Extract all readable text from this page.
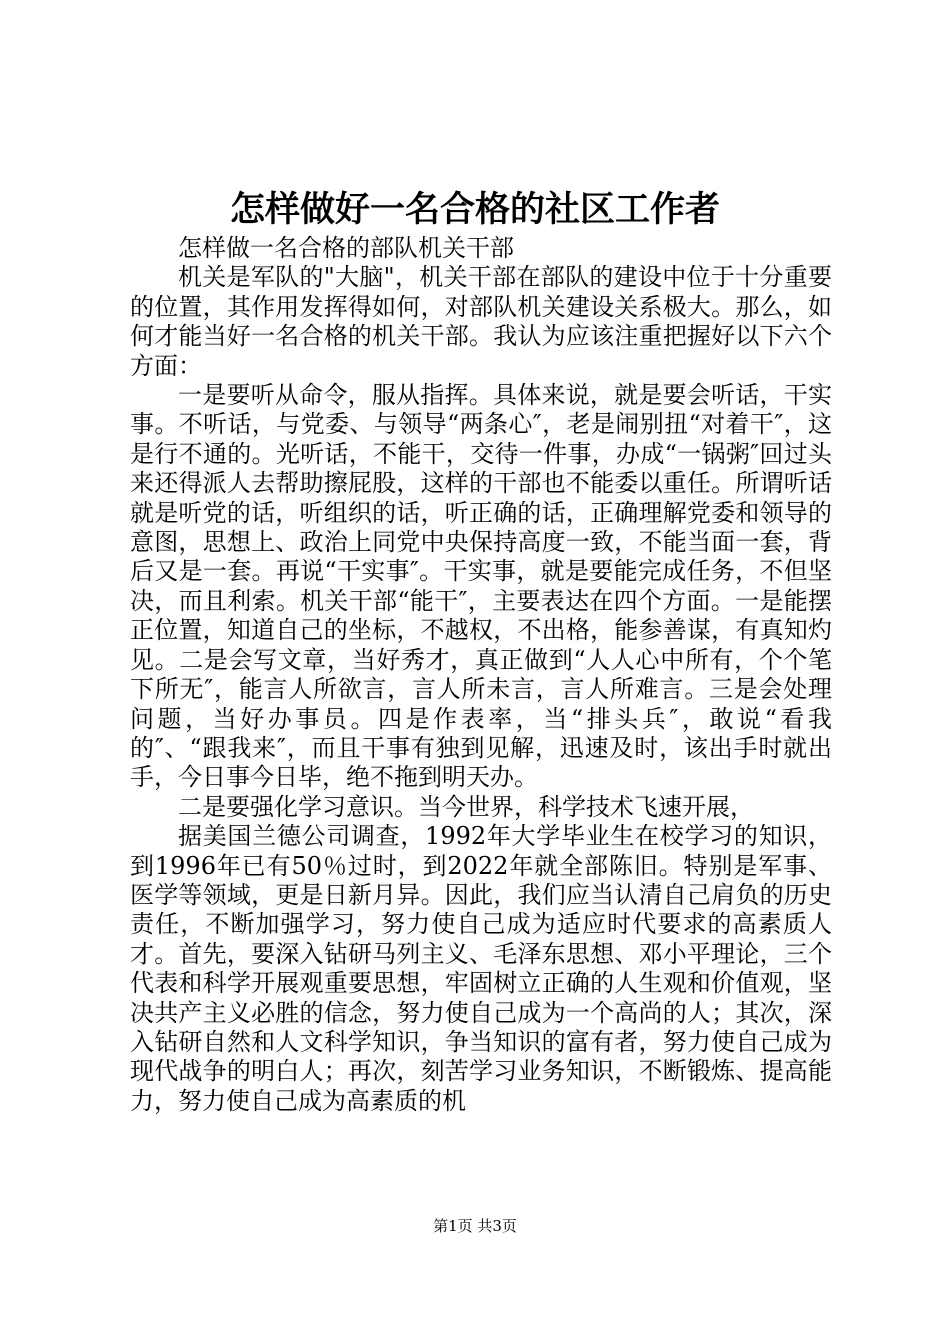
怎样做好一名合格的社区工作者

怎样做一名合格的部队机关干部

机关是军队的"大脑"，机关干部在部队的建设中位于十分重要的位置，其作用发挥得如何，对部队机关建设关系极大。那么，如何才能当好一名合格的机关干部。我认为应该注重把握好以下六个方面：

一是要听从命令，服从指挥。具体来说，就是要会听话，干实事。不听话，与党委、与领导“两条心″，老是闹别扭“对着干″，这是行不通的。光听话，不能干，交待一件事，办成“一锅粥″回过头来还得派人去帮助擦屁股，这样的干部也不能委以重任。所谓听话就是听党的话，听组织的话，听正确的话，正确理解党委和领导的意图，思想上、政治上同党中央保持高度一致，不能当面一套，背后又是一套。再说“干实事″。干实事，就是要能完成任务，不但坚决，而且利索。机关干部“能干″，主要表达在四个方面。一是能摆正位置，知道自己的坐标，不越权，不出格，能参善谋，有真知灼见。二是会写文章，当好秀才，真正做到“人人心中所有，个个笔下所无″，能言人所欲言，言人所未言，言人所难言。三是会处理问题，当好办事员。四是作表率，当“排头兵″，敢说“看我的″、“跟我来″，而且干事有独到见解，迅速及时，该出手时就出手，今日事今日毕，绝不拖到明天办。

二是要强化学习意识。当今世界，科学技术飞速开展，

据美国兰德公司调查，1992年大学毕业生在校学习的知识，到1996年已有50％过时，到2022年就全部陈旧。特别是军事、医学等领域，更是日新月异。因此，我们应当认清自己肩负的历史责任，不断加强学习，努力使自己成为适应时代要求的高素质人才。首先，要深入钻研马列主义、毛泽东思想、邓小平理论，三个代表和科学开展观重要思想，牢固树立正确的人生观和价值观，坚决共产主义必胜的信念，努力使自己成为一个高尚的人；其次，深入钻研自然和人文科学知识，争当知识的富有者，努力使自己成为现代战争的明白人；再次，刻苦学习业务知识，不断锻炼、提高能力，努力使自己成为高素质的机

第1页 共3页
